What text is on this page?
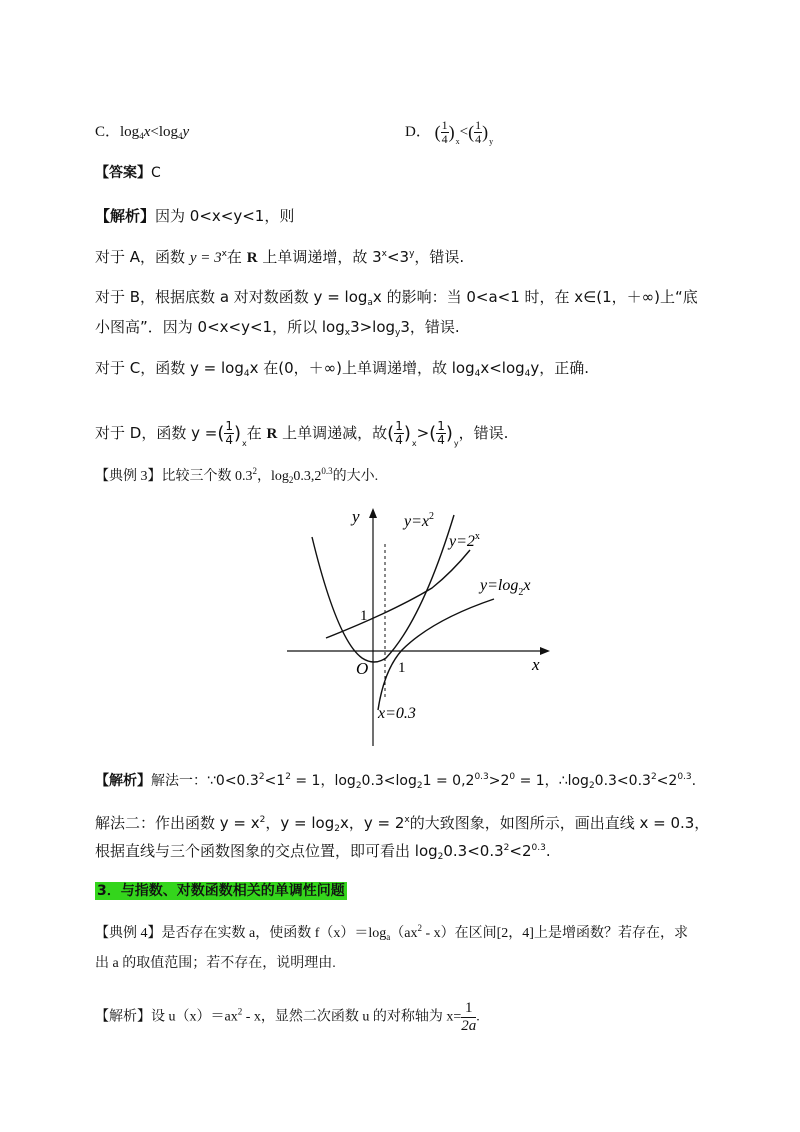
C．$\log_4x<\log_4y$	D． ( $\frac{1}{4}$ ) $_x$< ( $\frac{1}{4}$ ) $_y$
【答案】C
【解析】因为 0<x<y<1，则
对于 A，函数 $y = 3^x$在 R 上单调递增，故 $3^x<3^y$，错误.
对于 B，根据底数 a 对对数函数 $y = \log_ax$ 的影响：当 0<a<1 时，在 x∈(1，＋∞)上“底
小图高”．因为 0<x<y<1，所以 $\log_x3>\log_y3$，错误.
对于 C，函数 $y = \log_4x$ 在(0，＋∞)上单调递增，故 $\log_4x<\log_4y$，正确.
对于 D，函数 y = ( $\frac{1}{4}$ ) $_x$在 R 上单调递减，故 ( $\frac{1}{4}$ ) $_x$> ( $\frac{1}{4}$ ) $_y$，错误.
【典例 3】比较三个数 $0.3^2$，$\log_20.3,2^{0.3}$的大小.
y
x
O
1
1
$y=x^2$
$y=2^x$
$y=\log_2x$
x=0.3
【解析】解法一：$\because 0<0.3^2<1^2 = 1$，$\log_20.3<\log_21 = 0,2^{0.3}>2^0 = 1$，$\therefore\log_20.3<0.3^2<2^{0.3}$.
解法二：作出函数 $y = x^2$，$y = \log_2x$，$y = 2^x$的大致图象，如图所示，画出直线 x = 0.3，
根据直线与三个函数图象的交点位置，即可看出 $\log_20.3<0.3^2<2^{0.3}$.
3．与指数、对数函数相关的单调性问题
【典例 4】是否存在实数 a，使函数 $f(x)=\log_a(ax^2 - x)$在区间[2，4]上是增函数？若存在，求
出 a 的取值范围；若不存在，说明理由.
【解析】设 $u(x)=ax^2 - x$，显然二次函数 u 的对称轴为 $x= \frac{1}{2a}$ .
